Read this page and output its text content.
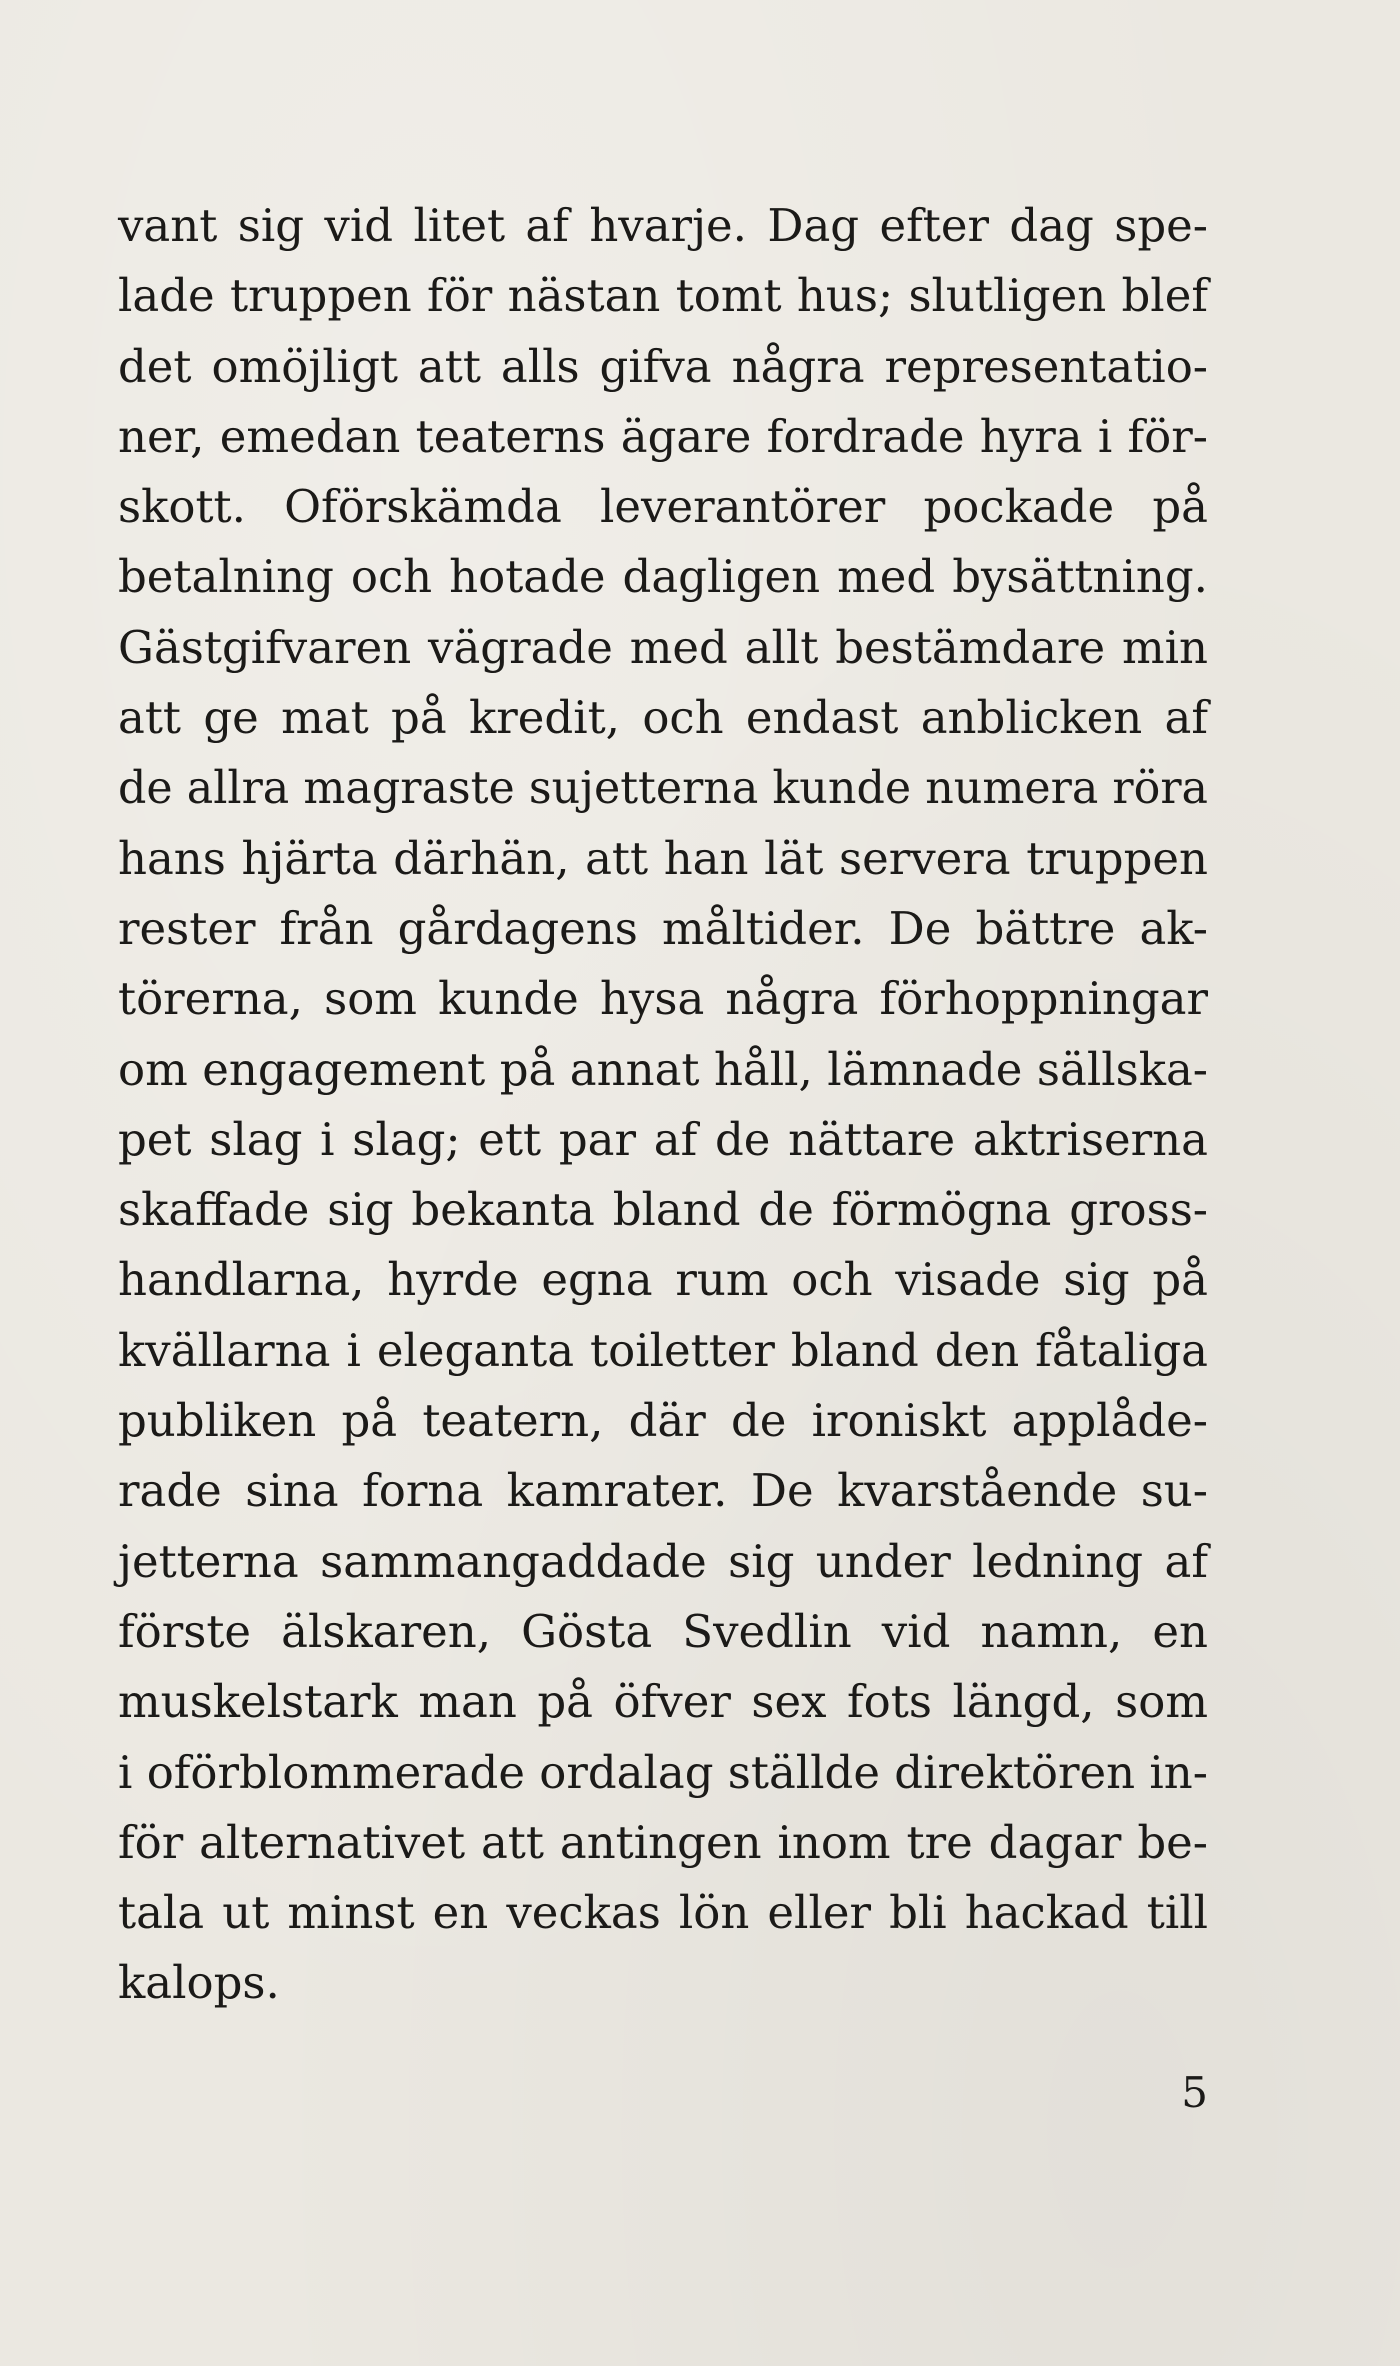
vant sig vid litet af hvarje. Dag efter dag spe-
lade truppen för nästan tomt hus; slutligen blef
det omöjligt att alls gifva några representatio-
ner, emedan teaterns ägare fordrade hyra i för-
skott. Oförskämda leverantörer pockade på
betalning och hotade dagligen med bysättning.
Gästgifvaren vägrade med allt bestämdare min
att ge mat på kredit, och endast anblicken af
de allra magraste sujetterna kunde numera röra
hans hjärta därhän, att han lät servera truppen
rester från gårdagens måltider. De bättre ak-
törerna, som kunde hysa några förhoppningar
om engagement på annat håll, lämnade sällska-
pet slag i slag; ett par af de nättare aktriserna
skaffade sig bekanta bland de förmögna gross-
handlarna, hyrde egna rum och visade sig på
kvällarna i eleganta toiletter bland den fåtaliga
publiken på teatern, där de ironiskt applåde-
rade sina forna kamrater. De kvarstående su-
jetterna sammangaddade sig under ledning af
förste älskaren, Gösta Svedlin vid namn, en
muskelstark man på öfver sex fots längd, som
i oförblommerade ordalag ställde direktören in-
för alternativet att antingen inom tre dagar be-
tala ut minst en veckas lön eller bli hackad till
kalops.
5
